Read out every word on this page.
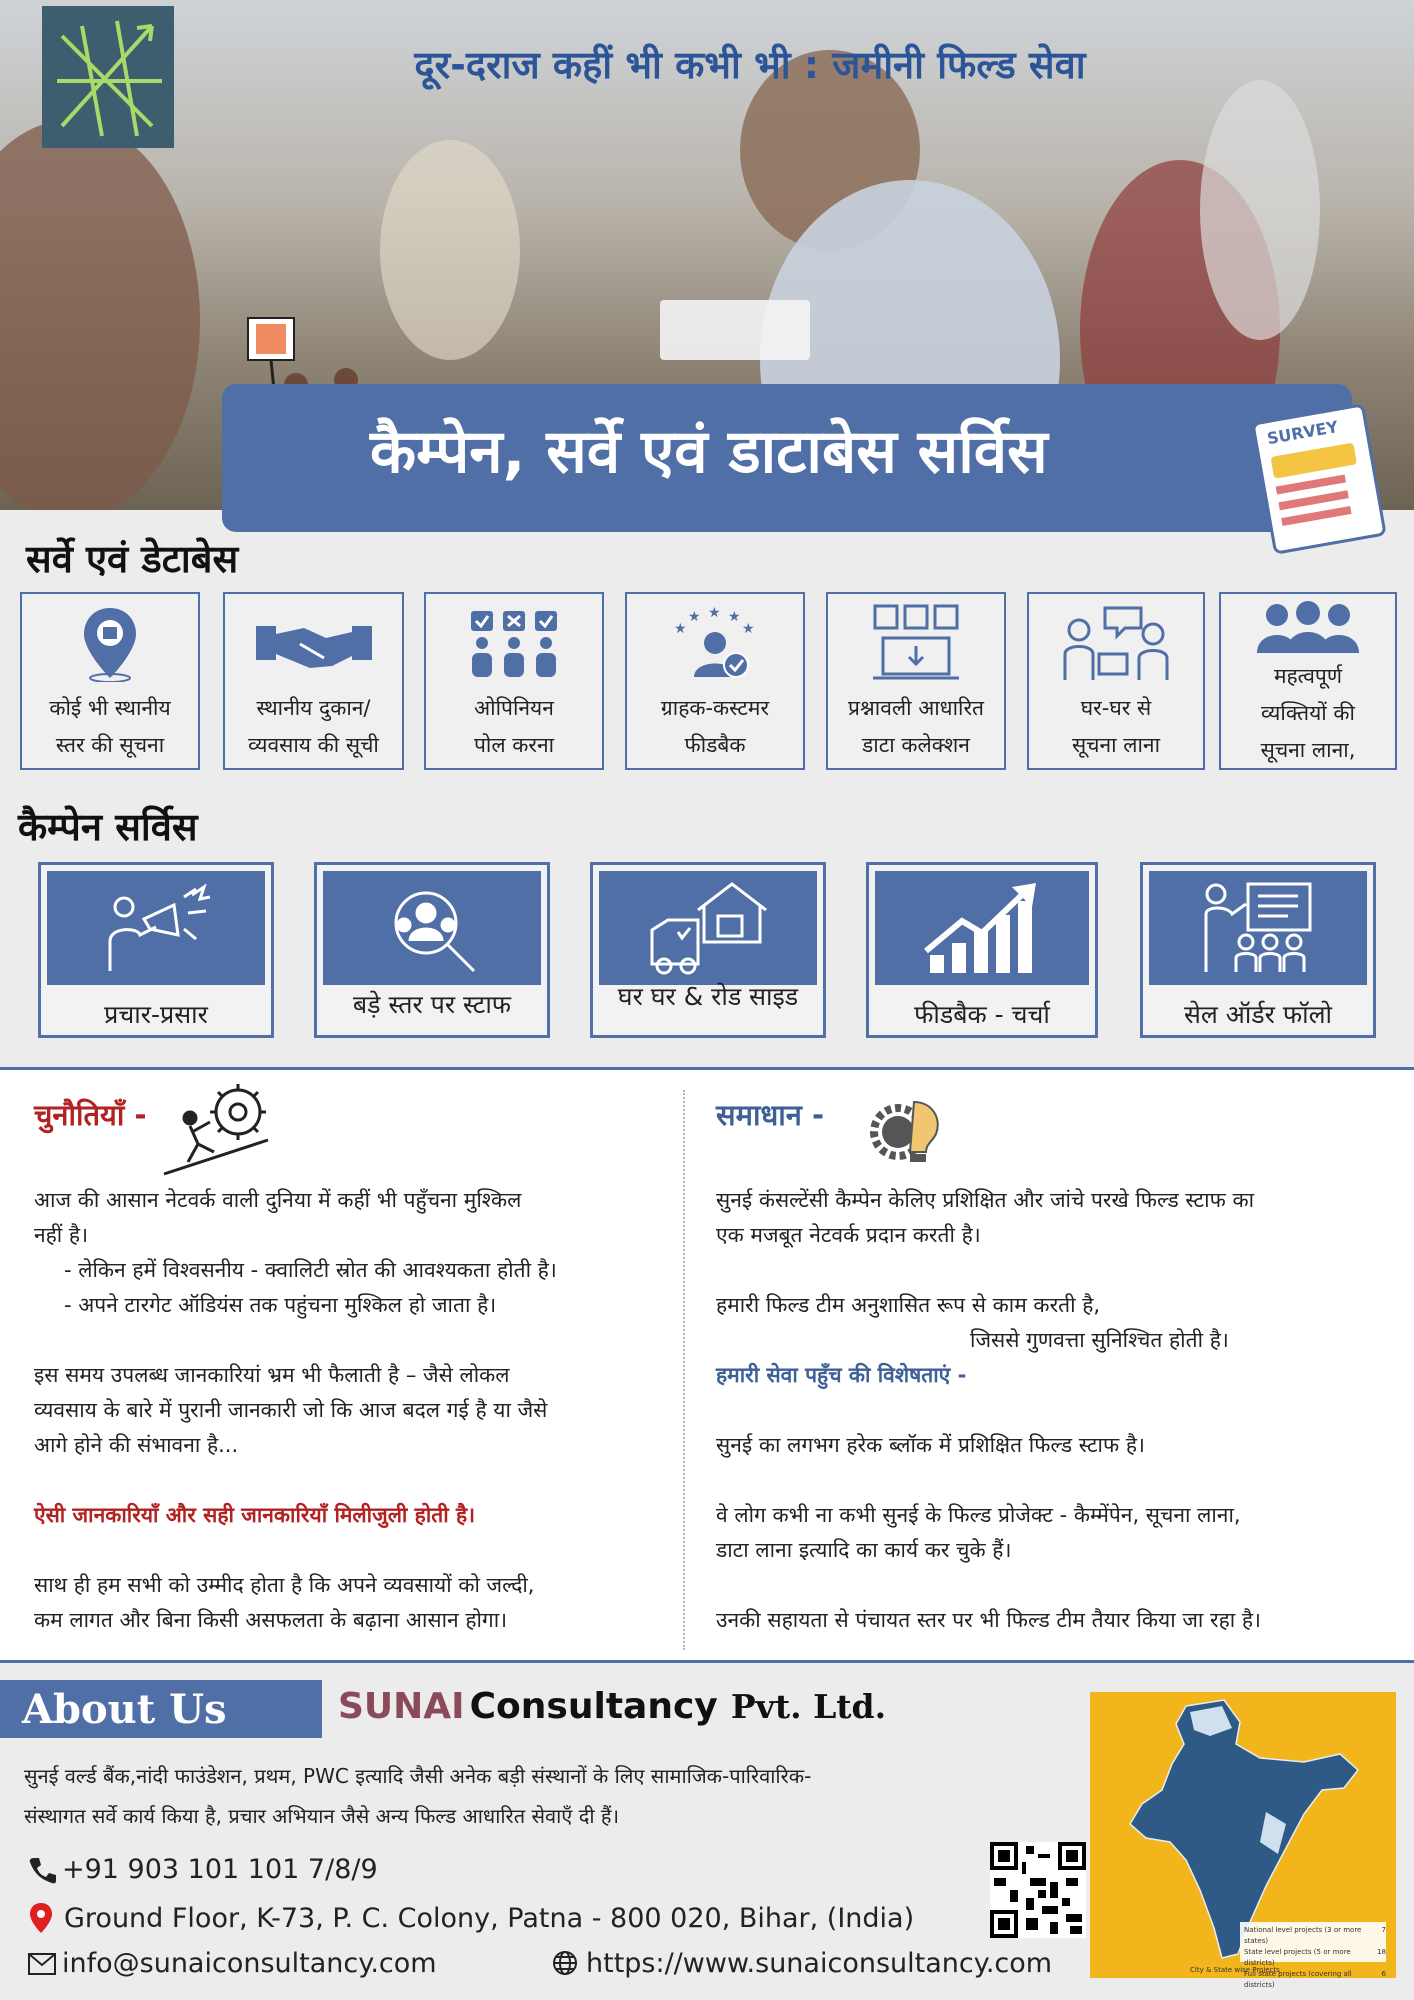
दूर-दराज कहीं भी कभी भी : जमीनी फिल्ड सेवा
कैम्पेन, सर्वे एवं डाटाबेस सर्विस	SURVEY
सर्वे एवं डेटाबेस
कोई भी स्थानीय
स्तर की सूचना
स्थानीय दुकान/
व्यवसाय की सूची
ओपिनियन
पोल करना
★
★ ★ ★
★
ग्राहक-कस्टमर
फीडबैक
प्रश्नावली आधारित
डाटा कलेक्शन
घर-घर से
सूचना लाना
महत्वपूर्ण
व्यक्तियों की
सूचना लाना,
कैम्पेन सर्विस
प्रचार-प्रसार	बड़े स्तर पर स्टाफ	घर घर & रोड साइड
फीडबैक - चर्चा	सेल ऑर्डर फॉलो
चुनौतियाँ -
आज की आसान नेटवर्क वाली दुनिया में कहीं भी पहुँचना मुश्किल
नहीं है।
- लेकिन हमें विश्वसनीय - क्वालिटी स्रोत की आवश्यकता होती है।
- अपने टारगेट ऑडियंस तक पहुंचना मुश्किल हो जाता है।
इस समय उपलब्ध जानकारियां भ्रम भी फैलाती है – जैसे लोकल
व्यवसाय के बारे में पुरानी जानकारी जो कि आज बदल गई है या जैसे
आगे होने की संभावना है...
ऐसी जानकारियाँ और सही जानकारियाँ मिलीजुली होती है।
साथ ही हम सभी को उम्मीद होता है कि अपने व्यवसायों को जल्दी,
कम लागत और बिना किसी असफलता के बढ़ाना आसान होगा।
समाधान -
सुनई कंसल्टेंसी कैम्पेन केलिए प्रशिक्षित और जांचे परखे फिल्ड स्टाफ का
एक मजबूत नेटवर्क प्रदान करती है।
हमारी फिल्ड टीम अनुशासित रूप से काम करती है,
जिससे गुणवत्ता सुनिश्चित होती है।
हमारी सेवा पहुँच की विशेषताएं -
सुनई का लगभग हरेक ब्लॉक में प्रशिक्षित फिल्ड स्टाफ है।
वे लोग कभी ना कभी सुनई के फिल्ड प्रोजेक्ट - कैम्मेंपेन, सूचना लाना,
डाटा लाना इत्यादि का कार्य कर चुके हैं।
उनकी सहायता से पंचायत स्तर पर भी फिल्ड टीम तैयार किया जा रहा है।
About Us	SUNAI Consultancy Pvt. Ltd.
सुनई वर्ल्ड बैंक,नांदी फाउंडेशन, प्रथम, PWC इत्यादि जैसी अनेक बड़ी संस्थानों के लिए सामाजिक-पारिवारिक-
संस्थागत सर्वे कार्य किया है, प्रचार अभियान जैसे अन्य फिल्ड आधारित सेवाएँ दी हैं।
+91 903 101 101 7/8/9
Ground Floor, K-73, P. C. Colony, Patna - 800 020, Bihar, (India)
info@sunaiconsultancy.com	https://www.sunaiconsultancy.com
National level projects (3 or more states)
7
State level projects (5 or more districts)
18
Full state projects (covering all districts)
6
City & State wise Projects
